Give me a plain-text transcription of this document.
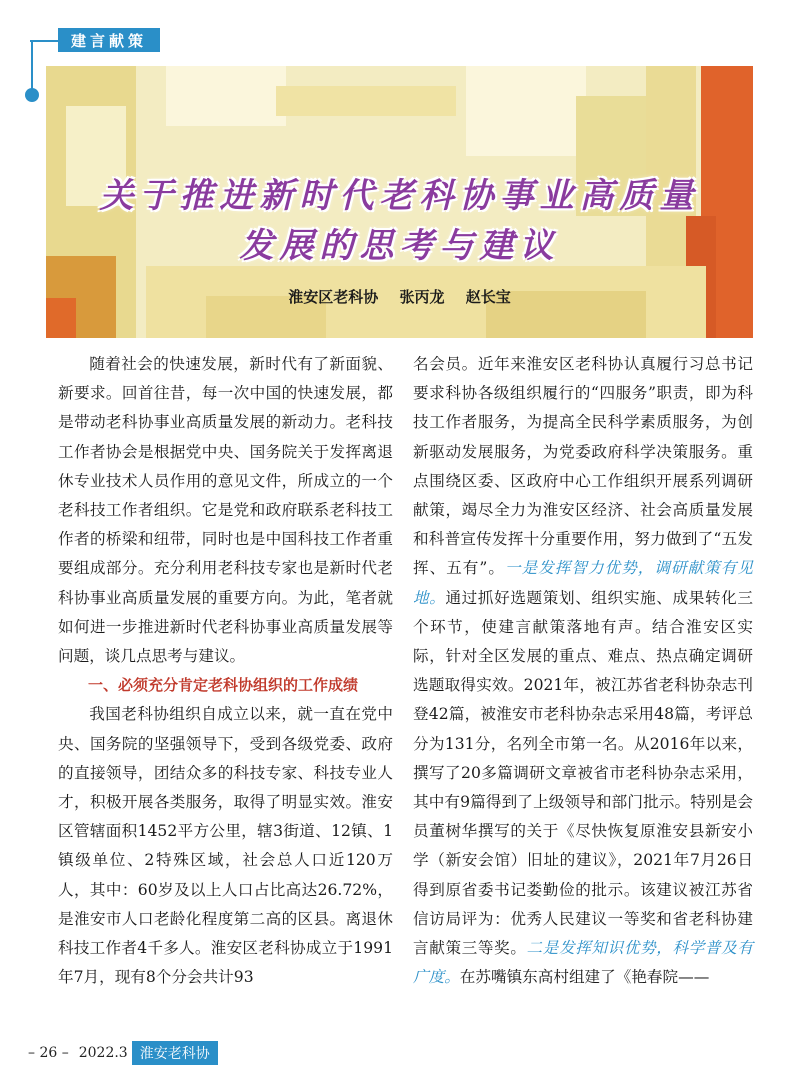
建言献策
关于推进新时代老科协事业高质量
发展的思考与建议
淮安区老科协 张丙龙 赵长宝

随着社会的快速发展，新时代有了新面貌、新要求。回首往昔，每一次中国的快速发展，都是带动老科协事业高质量发展的新动力。老科技工作者协会是根据党中央、国务院关于发挥离退休专业技术人员作用的意见文件，所成立的一个老科技工作者组织。它是党和政府联系老科技工作者的桥梁和纽带，同时也是中国科技工作者重要组成部分。充分利用老科技专家也是新时代老科协事业高质量发展的重要方向。为此，笔者就如何进一步推进新时代老科协事业高质量发展等问题，谈几点思考与建议。

一、必须充分肯定老科协组织的工作成绩

我国老科协组织自成立以来，就一直在党中央、国务院的坚强领导下，受到各级党委、政府的直接领导，团结众多的科技专家、科技专业人才，积极开展各类服务，取得了明显实效。淮安区管辖面积1452平方公里，辖3街道、12镇、1镇级单位、2特殊区域，社会总人口近120万人，其中：60岁及以上人口占比高达26.72%，是淮安市人口老龄化程度第二高的区县。离退休科技工作者4千多人。淮安区老科协成立于1991年7月，现有8个分会共计93

名会员。近年来淮安区老科协认真履行习总书记要求科协各级组织履行的“四服务”职责，即为科技工作者服务，为提高全民科学素质服务，为创新驱动发展服务，为党委政府科学决策服务。重点围绕区委、区政府中心工作组织开展系列调研献策，竭尽全力为淮安区经济、社会高质量发展和科普宣传发挥十分重要作用，努力做到了“五发挥、五有”。一是发挥智力优势，调研献策有见地。通过抓好选题策划、组织实施、成果转化三个环节，使建言献策落地有声。结合淮安区实际，针对全区发展的重点、难点、热点确定调研选题取得实效。2021年，被江苏省老科协杂志刊登42篇，被淮安市老科协杂志采用48篇，考评总分为131分，名列全市第一名。从2016年以来，撰写了20多篇调研文章被省市老科协杂志采用，其中有9篇得到了上级领导和部门批示。特别是会员董树华撰写的关于《尽快恢复原淮安县新安小学（新安会馆）旧址的建议》，2021年7月26日得到原省委书记娄勤俭的批示。该建议被江苏省信访局评为：优秀人民建议一等奖和省老科协建言献策三等奖。二是发挥知识优势，科学普及有广度。在苏嘴镇东高村组建了《艳春院——

– 26 – 2022.3 淮安老科协
